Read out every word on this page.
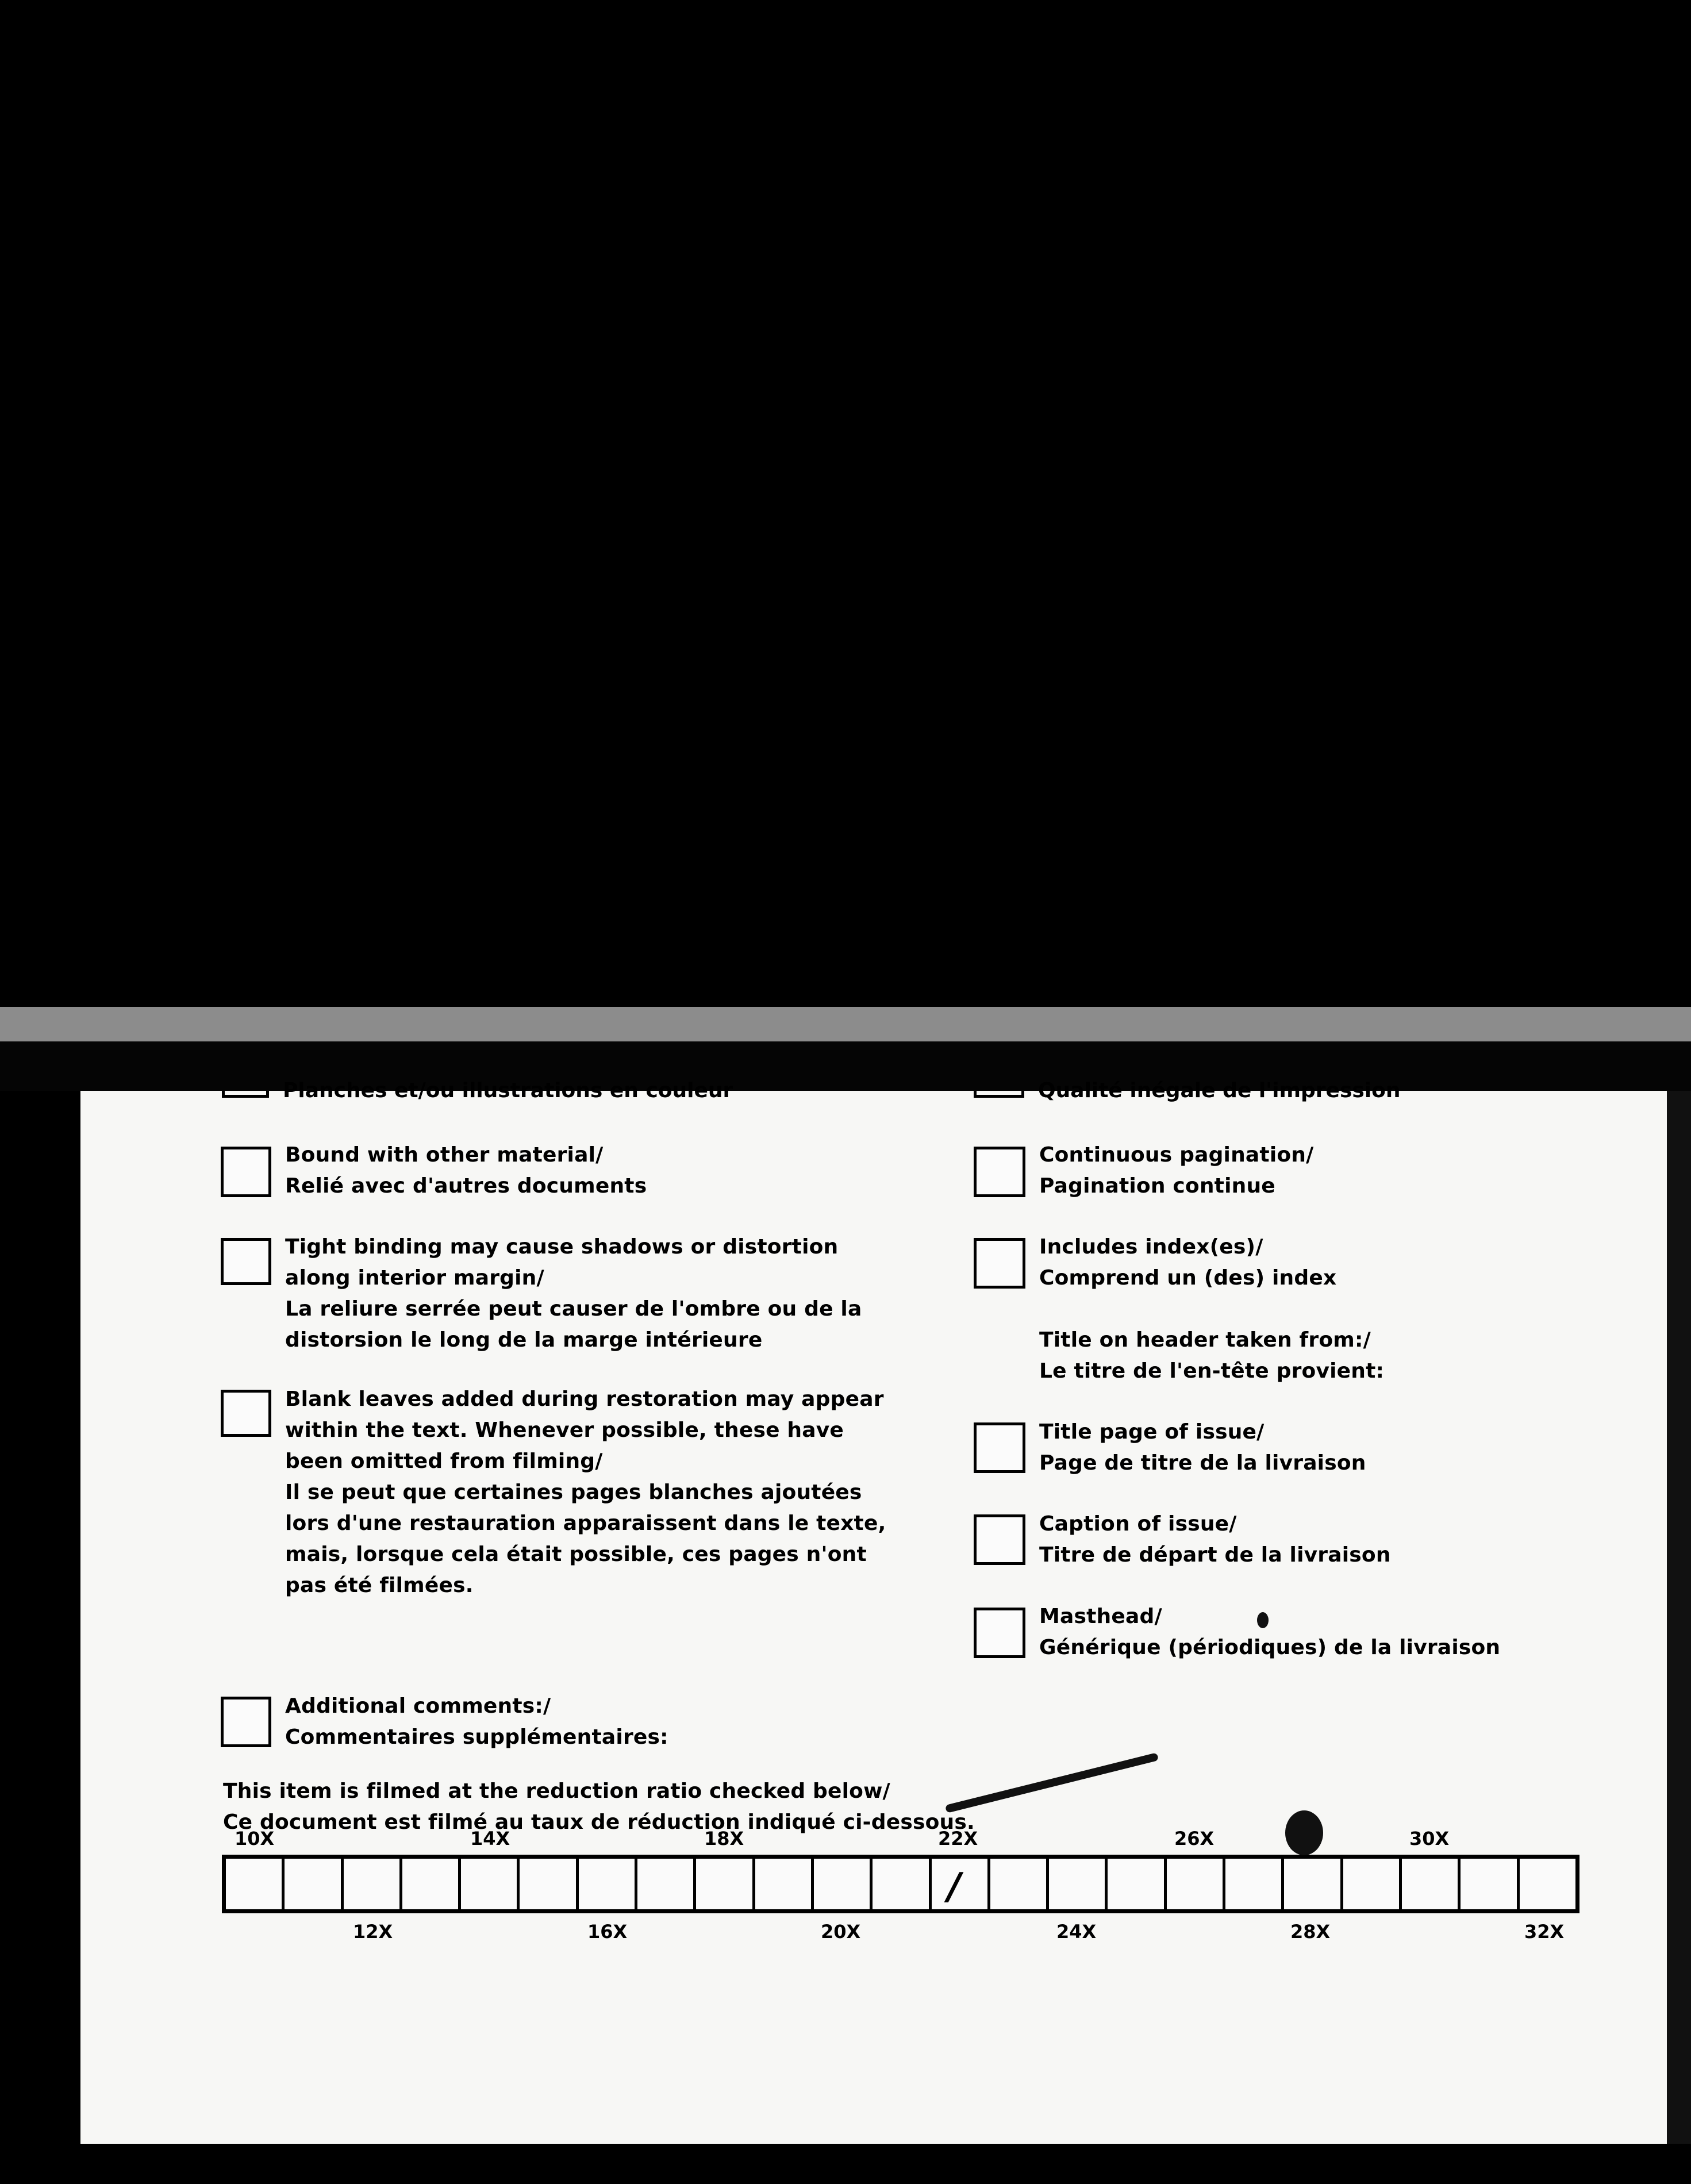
Planches et/ou illustrations en couleur	Qualité inégale de l'impression
Bound with other material/
Relié avec d'autres documents
Tight binding may cause shadows or distortion
along interior margin/
La reliure serrée peut causer de l'ombre ou de la
distorsion le long de la marge intérieure
Blank leaves added during restoration may appear
within the text. Whenever possible, these have
been omitted from filming/
Il se peut que certaines pages blanches ajoutées
lors d'une restauration apparaissent dans le texte,
mais, lorsque cela était possible, ces pages n'ont
pas été filmées.
Additional comments:/
Commentaires supplémentaires:
Continuous pagination/
Pagination continue
Includes index(es)/
Comprend un (des) index
Title on header taken from:/
Le titre de l'en-tête provient:
Title page of issue/
Page de titre de la livraison
Caption of issue/
Titre de départ de la livraison
Masthead/
Générique (périodiques) de la livraison
This item is filmed at the reduction ratio checked below/
Ce document est filmé au taux de réduction indiqué ci-dessous.
10X	14X	18X	22X	26X	30X
/
12X	16X	20X	24X	28X	32X
